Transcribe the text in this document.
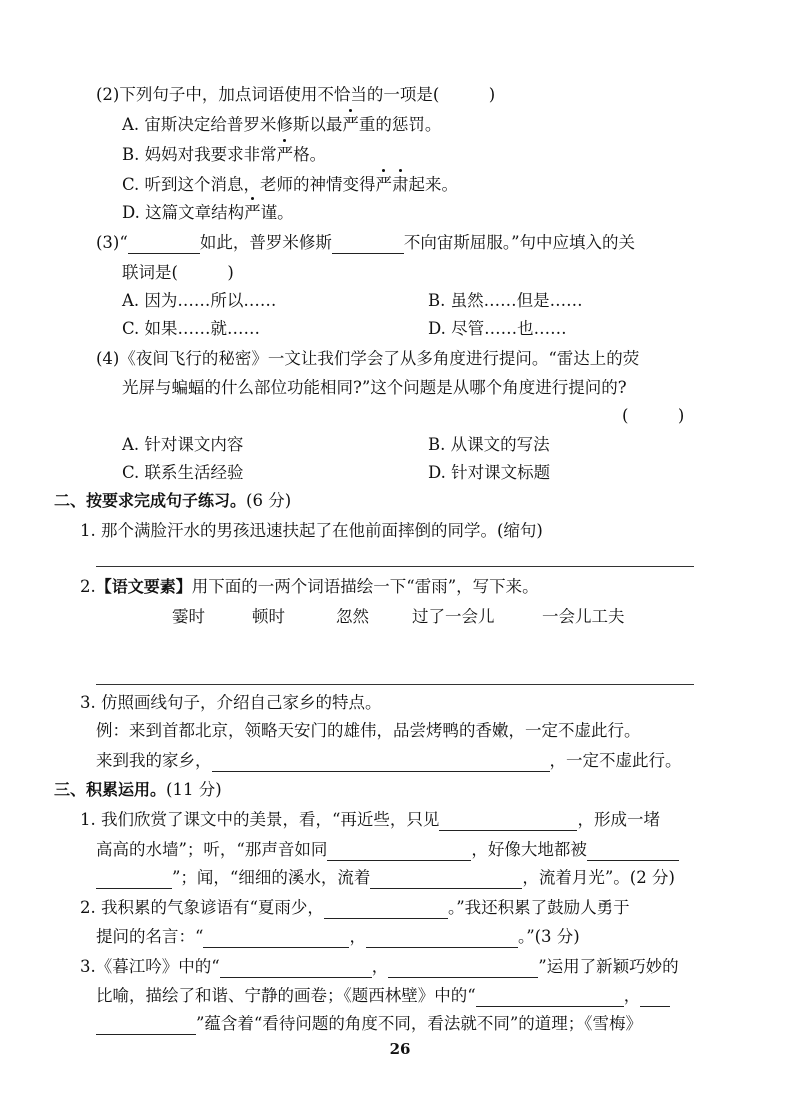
(2)下列句子中，加点词语使用不恰当的一项是(　　　)
A. 宙斯决定给普罗米修斯以最严重的惩罚。
B. 妈妈对我要求非常严格。
C. 听到这个消息，老师的神情变得严肃起来。
D. 这篇文章结构严谨。
(3)“	如此，普罗米修斯	不向宙斯屈服。”句中应填入的关
联词是(　　　)
A. 因为……所以……	B. 虽然……但是……
C. 如果……就……	D. 尽管……也……
(4)《夜间飞行的秘密》一文让我们学会了从多角度进行提问。“雷达上的荧
光屏与蝙蝠的什么部位功能相同?”这个问题是从哪个角度进行提问的?
(　　　)
A. 针对课文内容	B. 从课文的写法
C. 联系生活经验	D. 针对课文标题
二、按要求完成句子练习。(6 分)
1. 那个满脸汗水的男孩迅速扶起了在他前面摔倒的同学。(缩句)
2.【语文要素】用下面的一两个词语描绘一下“雷雨”，写下来。
霎时	顿时	忽然	过了一会儿	一会儿工夫
3. 仿照画线句子，介绍自己家乡的特点。
例：来到首都北京，领略天安门的雄伟，品尝烤鸭的香嫩，一定不虚此行。
来到我的家乡，	，一定不虚此行。
三、积累运用。(11 分)
1. 我们欣赏了课文中的美景，看，“再近些，只见	，形成一堵
高高的水墙”；听，“那声音如同	，好像大地都被
”；闻，“细细的溪水，流着	，流着月光”。(2 分)
2. 我积累的气象谚语有“夏雨少，	。”我还积累了鼓励人勇于
提问的名言：“	，	。”(3 分)
3.《暮江吟》中的“	，	”运用了新颖巧妙的
比喻，描绘了和谐、宁静的画卷；《题西林壁》中的“	，
”蕴含着“看待问题的角度不同，看法就不同”的道理；《雪梅》
26
